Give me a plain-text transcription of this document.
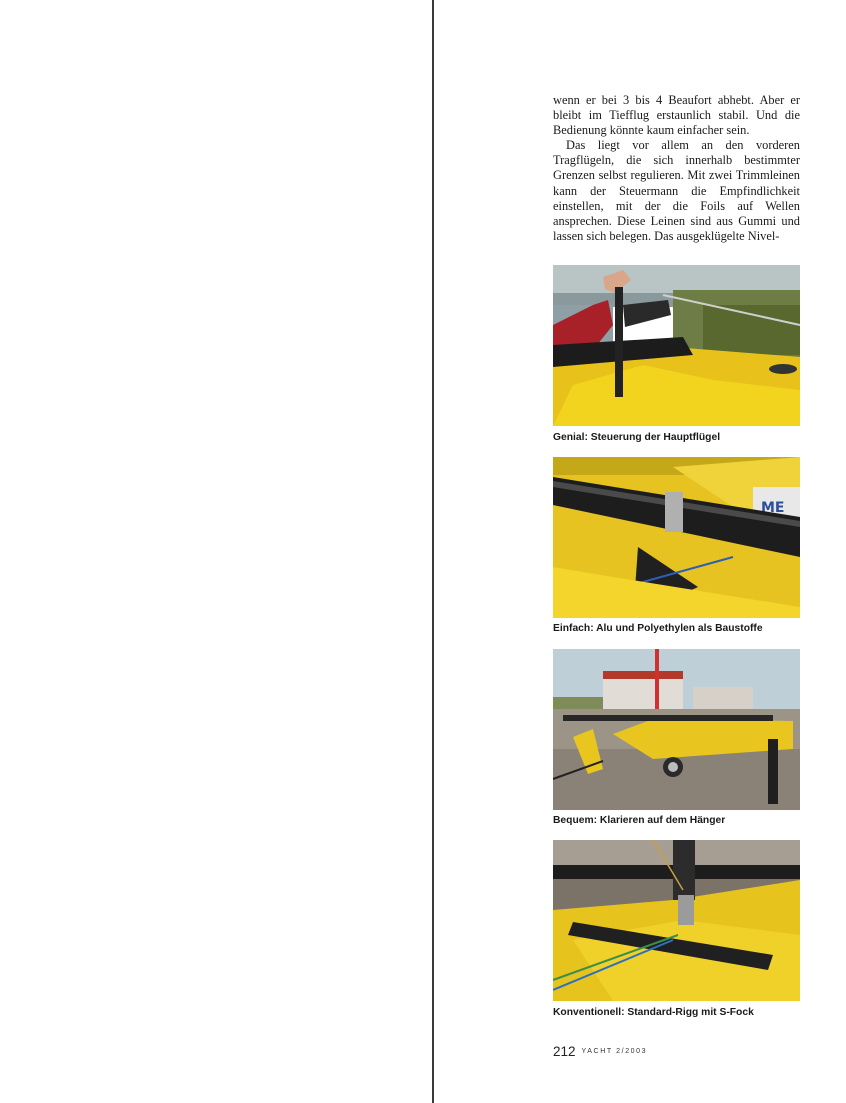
wenn er bei 3 bis 4 Beaufort abhebt. Aber er bleibt im Tiefflug erstaunlich stabil. Und die Bedienung könnte kaum einfacher sein.

Das liegt vor allem an den vorderen Tragflügeln, die sich innerhalb bestimmter Grenzen selbst regulieren. Mit zwei Trimmleinen kann der Steuermann die Empfindlichkeit einstellen, mit der die Foils auf Wellen ansprechen. Diese Leinen sind aus Gummi und lassen sich belegen. Das ausgeklügelte Nivel-

Genial: Steuerung der Hauptflügel
ME
Einfach: Alu und Polyethylen als Baustoffe
Bequem: Klarieren auf dem Hänger
Konventionell: Standard-Rigg mit S-Fock
212 YACHT 2/2003
